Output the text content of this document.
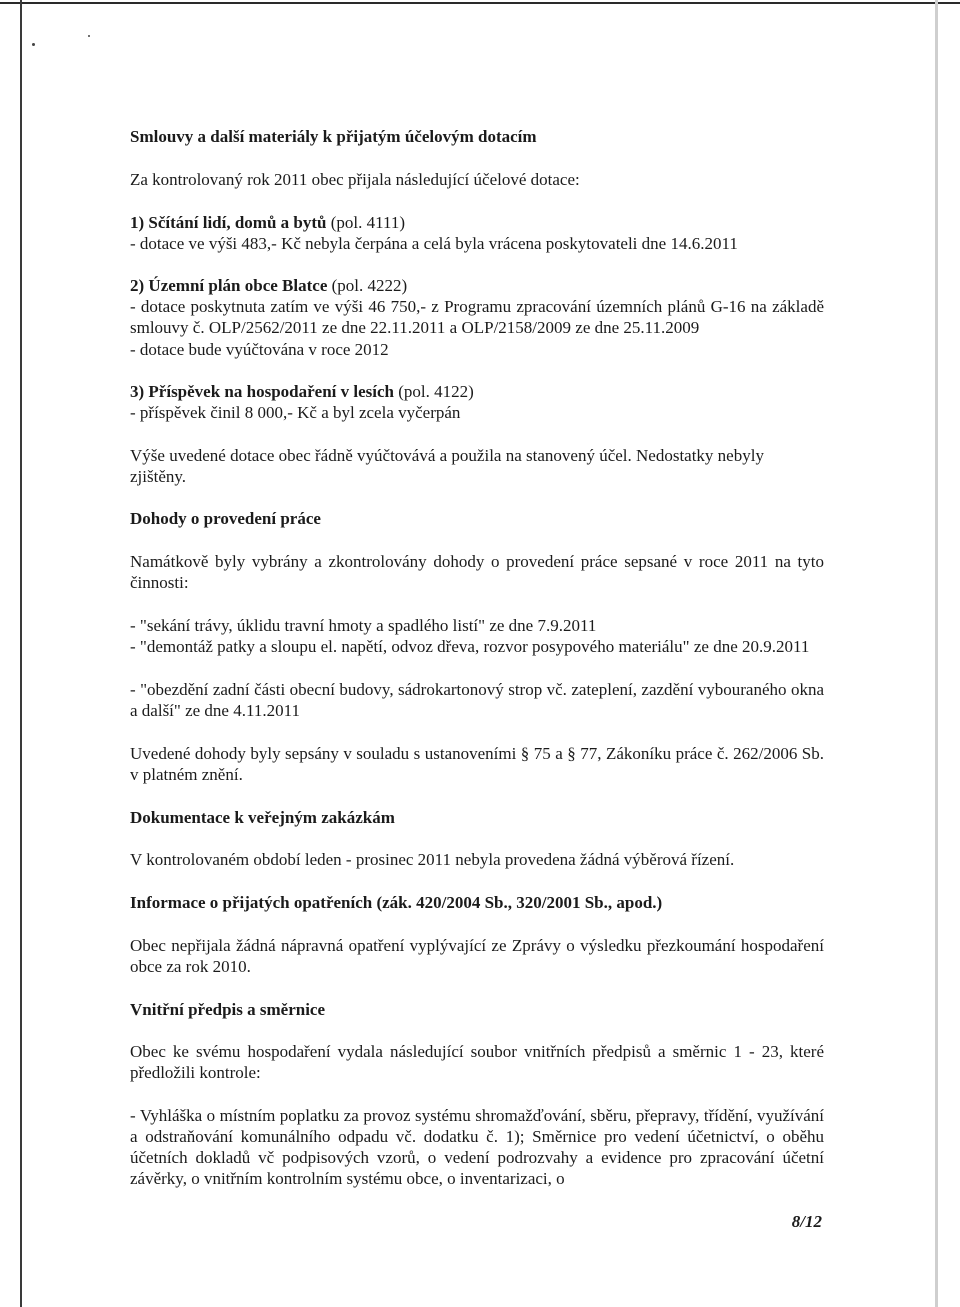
Smlouvy a další materiály k přijatým účelovým dotacím

Za kontrolovaný rok 2011 obec přijala následující účelové dotace:

1) Sčítání lidí, domů a bytů (pol. 4111)

- dotace ve výši 483,- Kč nebyla čerpána a celá byla vrácena poskytovateli dne 14.6.2011

2) Územní plán obce Blatce (pol. 4222)

- dotace poskytnuta zatím ve výši 46 750,- z Programu zpracování územních plánů G-16 na základě smlouvy č. OLP/2562/2011 ze dne 22.11.2011 a OLP/2158/2009 ze dne 25.11.2009

- dotace bude vyúčtována v roce 2012

3) Příspěvek na hospodaření v lesích (pol. 4122)

- příspěvek činil 8 000,- Kč a byl zcela vyčerpán

Výše uvedené dotace obec řádně vyúčtovává a použila na stanovený účel. Nedostatky nebyly zjištěny.

Dohody o provedení práce

Namátkově byly vybrány a zkontrolovány dohody o provedení práce sepsané v roce 2011 na tyto činnosti:

- "sekání trávy, úklidu travní hmoty a spadlého listí" ze dne 7.9.2011

- "demontáž patky a sloupu el. napětí, odvoz dřeva, rozvor posypového materiálu" ze dne 20.9.2011

- "obezdění zadní části obecní budovy, sádrokartonový strop vč. zateplení, zazdění vybouraného okna a další" ze dne 4.11.2011

Uvedené dohody byly sepsány v souladu s ustanoveními § 75 a § 77, Zákoníku práce č. 262/2006 Sb. v platném znění.

Dokumentace k veřejným zakázkám

V kontrolovaném období leden - prosinec 2011 nebyla provedena žádná výběrová řízení.

Informace o přijatých opatřeních (zák. 420/2004 Sb., 320/2001 Sb., apod.)

Obec nepřijala žádná nápravná opatření vyplývající ze Zprávy o výsledku přezkoumání hospodaření obce za rok 2010.

Vnitřní předpis a směrnice

Obec ke svému hospodaření vydala následující soubor vnitřních předpisů a směrnic 1 - 23, které předložili kontrole:

- Vyhláška o místním poplatku za provoz systému shromažďování, sběru, přepravy, třídění, využívání a odstraňování komunálního odpadu vč. dodatku č. 1); Směrnice pro vedení účetnictví, o oběhu účetních dokladů vč podpisových vzorů, o vedení podrozvahy a evidence pro zpracování účetní závěrky, o vnitřním kontrolním systému obce, o inventarizaci, o

8/12
